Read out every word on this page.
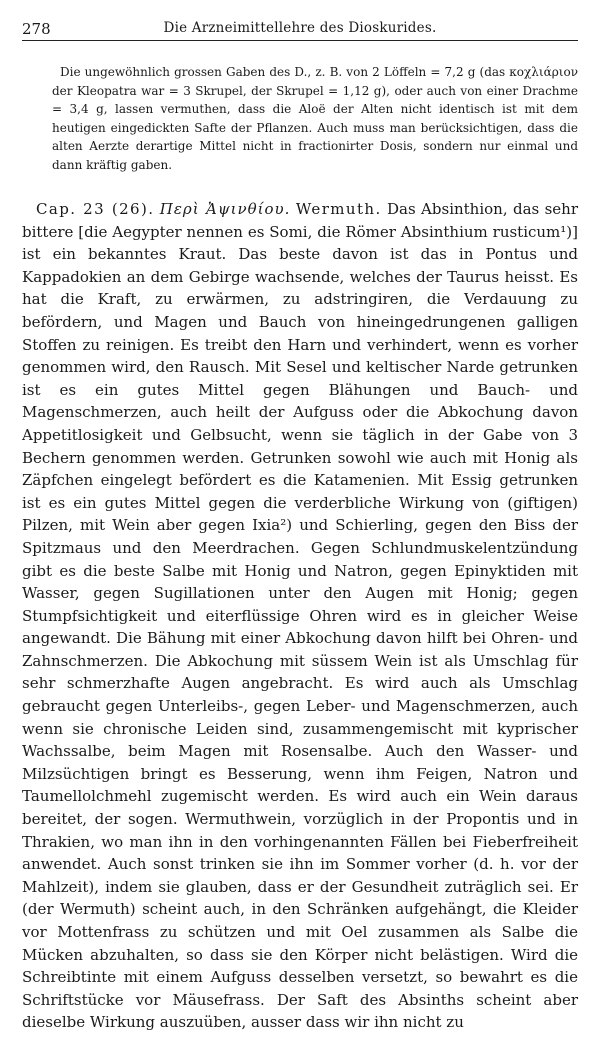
278	Die Arzneimittellehre des Dioskurides.

Die ungewöhnlich grossen Gaben des D., z. B. von 2 Löffeln = 7,2 g (das κοχλιάριον der Kleopatra war = 3 Skrupel, der Skrupel = 1,12 g), oder auch von einer Drachme = 3,4 g, lassen vermuthen, dass die Aloë der Alten nicht identisch ist mit dem heutigen eingedickten Safte der Pflanzen. Auch muss man berücksichtigen, dass die alten Aerzte derartige Mittel nicht in fractionirter Dosis, sondern nur einmal und dann kräftig gaben.

Cap. 23 (26). Περὶ Ἀψινθίου. Wermuth. Das Absinthion, das sehr bittere [die Aegypter nennen es Somi, die Römer Absinthium rusticum¹)] ist ein bekanntes Kraut. Das beste davon ist das in Pontus und Kappadokien an dem Gebirge wachsende, welches der Taurus heisst. Es hat die Kraft, zu erwärmen, zu adstringiren, die Verdauung zu befördern, und Magen und Bauch von hineingedrungenen galligen Stoffen zu reinigen. Es treibt den Harn und verhindert, wenn es vorher genommen wird, den Rausch. Mit Sesel und keltischer Narde getrunken ist es ein gutes Mittel gegen Blähungen und Bauch- und Magenschmerzen, auch heilt der Aufguss oder die Abkochung davon Appetitlosigkeit und Gelbsucht, wenn sie täglich in der Gabe von 3 Bechern genommen werden. Getrunken sowohl wie auch mit Honig als Zäpfchen eingelegt befördert es die Katamenien. Mit Essig getrunken ist es ein gutes Mittel gegen die verderbliche Wirkung von (giftigen) Pilzen, mit Wein aber gegen Ixia²) und Schierling, gegen den Biss der Spitzmaus und den Meerdrachen. Gegen Schlundmuskelentzündung gibt es die beste Salbe mit Honig und Natron, gegen Epinyktiden mit Wasser, gegen Sugillationen unter den Augen mit Honig; gegen Stumpfsichtigkeit und eiterflüssige Ohren wird es in gleicher Weise angewandt. Die Bähung mit einer Abkochung davon hilft bei Ohren- und Zahnschmerzen. Die Abkochung mit süssem Wein ist als Umschlag für sehr schmerzhafte Augen angebracht. Es wird auch als Umschlag gebraucht gegen Unterleibs-, gegen Leber- und Magenschmerzen, auch wenn sie chronische Leiden sind, zusammengemischt mit kyprischer Wachssalbe, beim Magen mit Rosensalbe. Auch den Wasser- und Milzsüchtigen bringt es Besserung, wenn ihm Feigen, Natron und Taumellolchmehl zugemischt werden. Es wird auch ein Wein daraus bereitet, der sogen. Wermuthwein, vorzüglich in der Propontis und in Thrakien, wo man ihn in den vorhingenannten Fällen bei Fieberfreiheit anwendet. Auch sonst trinken sie ihn im Sommer vorher (d. h. vor der Mahlzeit), indem sie glauben, dass er der Gesundheit zuträglich sei. Er (der Wermuth) scheint auch, in den Schränken aufgehängt, die Kleider vor Mottenfrass zu schützen und mit Oel zusammen als Salbe die Mücken abzuhalten, so dass sie den Körper nicht belästigen. Wird die Schreibtinte mit einem Aufguss desselben versetzt, so bewahrt es die Schriftstücke vor Mäusefrass. Der Saft des Absinths scheint aber dieselbe Wirkung auszuüben, ausser dass wir ihn nicht zu
